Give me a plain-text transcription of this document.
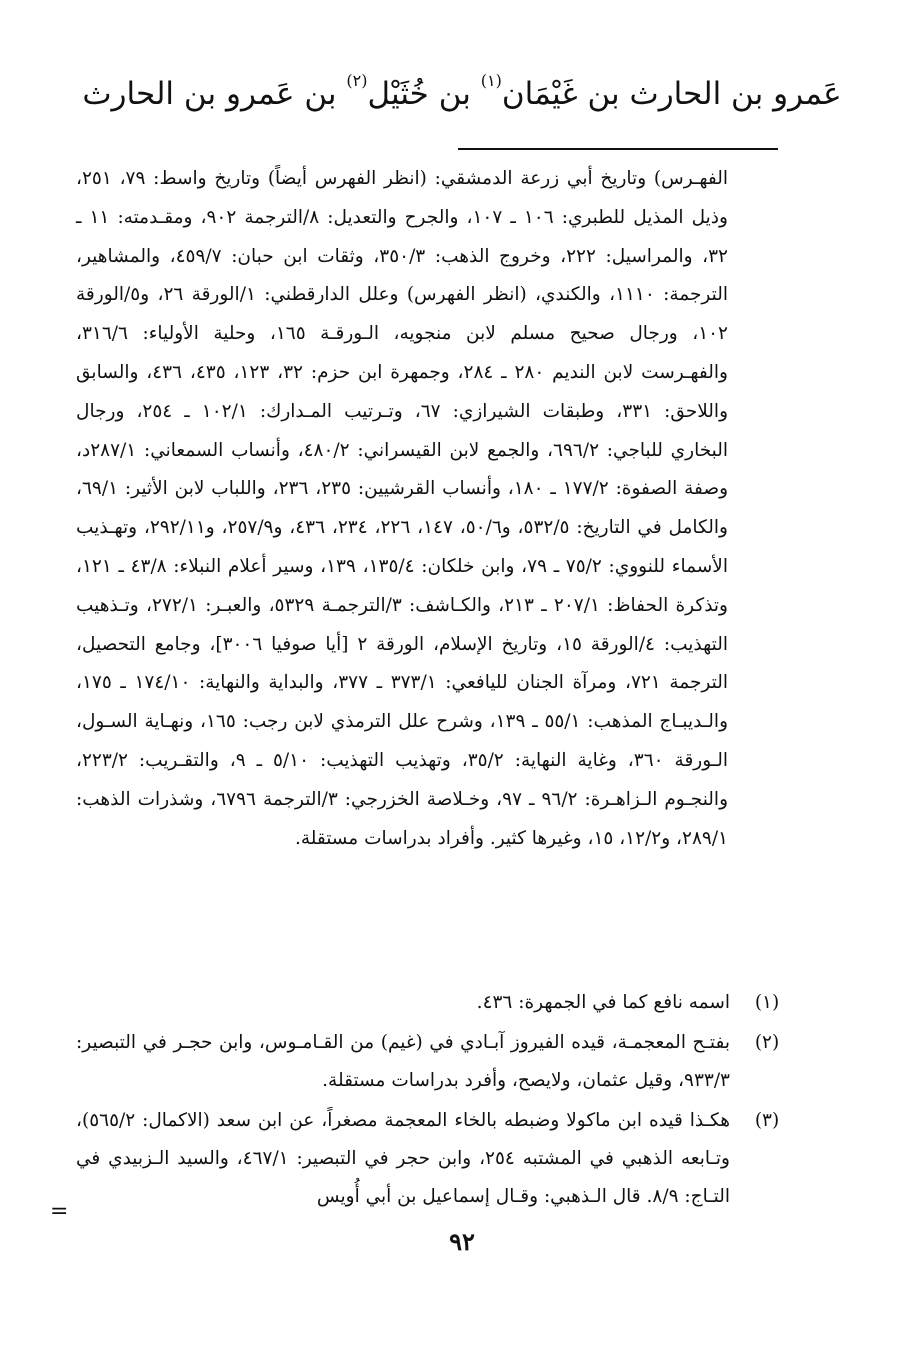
عَمرو بن الحارث بن غَيْمَان$^{(١)}$ بن خُثَيْل$^{(٢)}$ بن عَمرو بن الحارث
الفهـرس) وتاريخ أبي زرعة الدمشقي: (انظر الفهرس أيضاً) وتاريخ واسط: ٧٩، ٢٥١، وذيل المذيل للطبري: ١٠٦ ـ ١٠٧، والجرح والتعديل: ٨/الترجمة ٩٠٢، ومقـدمته: ١١ ـ ٣٢، والمراسيل: ٢٢٢، وخروج الذهب: ٣٥٠/٣، وثقات ابن حبان: ٤٥٩/٧، والمشاهير، الترجمة: ١١١٠، والكندي، (انظر الفهرس) وعلل الدارقطني: ١/الورقة ٢٦، و٥/الورقة ١٠٢، ورجال صحيح مسلم لابن منجويه، الـورقـة ١٦٥، وحلية الأولياء: ٣١٦/٦، والفهـرست لابن النديم ٢٨٠ ـ ٢٨٤، وجمهرة ابن حزم: ٣٢، ١٢٣، ٤٣٥، ٤٣٦، والسابق واللاحق: ٣٣١، وطبقات الشيرازي: ٦٧، وتـرتيب المـدارك: ١٠٢/١ ـ ٢٥٤، ورجال البخاري للباجي: ٦٩٦/٢، والجمع لابن القيسراني: ٤٨٠/٢، وأنساب السمعاني: ٢٨٧/١د، وصفة الصفوة: ١٧٧/٢ ـ ١٨٠، وأنساب القرشيين: ٢٣٥، ٢٣٦، واللباب لابن الأثير: ٦٩/١، والكامل في التاريخ: ٥٣٢/٥، و٥٠/٦، ١٤٧، ٢٢٦، ٢٣٤، ٤٣٦، و٢٥٧/٩، و٢٩٢/١١، وتهـذيب الأسماء للنووي: ٧٥/٢ ـ ٧٩، وابن خلكان: ١٣٥/٤، ١٣٩، وسير أعلام النبلاء: ٤٣/٨ ـ ١٢١، وتذكرة الحفاظ: ٢٠٧/١ ـ ٢١٣، والكـاشف: ٣/الترجمـة ٥٣٢٩، والعبـر: ٢٧٢/١، وتـذهيب التهذيب: ٤/الورقة ١٥، وتاريخ الإسلام، الورقة ٢ [أيا صوفيا ٣٠٠٦]، وجامع التحصيل، الترجمة ٧٢١، ومرآة الجنان لليافعي: ٣٧٣/١ ـ ٣٧٧، والبداية والنهاية: ١٧٤/١٠ ـ ١٧٥، والـديبـاج المذهب: ٥٥/١ ـ ١٣٩، وشرح علل الترمذي لابن رجب: ١٦٥، ونهـاية السـول، الـورقة ٣٦٠، وغاية النهاية: ٣٥/٢، وتهذيب التهذيب: ٥/١٠ ـ ٩، والتقـريب: ٢٢٣/٢، والنجـوم الـزاهـرة: ٩٦/٢ ـ ٩٧، وخـلاصة الخزرجي: ٣/الترجمة ٦٧٩٦، وشذرات الذهب: ٢٨٩/١، و١٢/٢، ١٥، وغيرها كثير. وأفراد بدراسات مستقلة.
(١)
اسمه نافع كما في الجمهرة: ٤٣٦.
(٢)
بفتـح المعجمـة، قيده الفيروز آبـادي في (غيم) من القـامـوس، وابن حجـر في التبصير: ٩٣٣/٣، وقيل عثمان، ولايصح، وأفرد بدراسات مستقلة.
(٣)
هكـذا قيده ابن ماكولا وضبطه بالخاء المعجمة مصغراً، عن ابن سعد (الاكمال: ٥٦٥/٢)، وتـابعه الذهبي في المشتبه ٢٥٤، وابن حجر في التبصير: ٤٦٧/١، والسيد الـزبيدي في التـاج: ٨/٩. قال الـذهبي: وقـال إسماعيل بن أبي أُويس
=
٩٢
